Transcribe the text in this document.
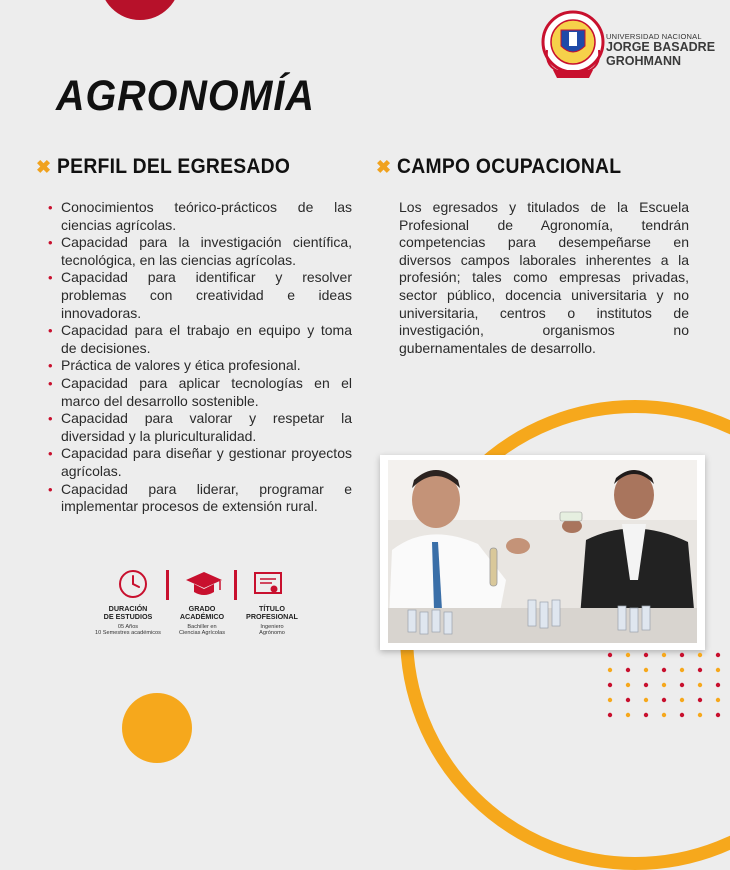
UNIVERSIDAD NACIONAL
JORGE BASADRE
GROHMANN
AGRONOMÍA
✖ PERFIL DEL EGRESADO	✖ CAMPO OCUPACIONAL
• Conocimientos teórico-prácticos de las ciencias agrícolas.
• Capacidad para la investigación científica, tecnológica, en las ciencias agrícolas.
• Capacidad para identificar y resolver problemas con creatividad e ideas innovadoras.
• Capacidad para el trabajo en equipo y toma de decisiones.
• Práctica de valores y ética profesional.
• Capacidad para aplicar tecnologías en el marco del desarrollo sostenible.
• Capacidad para valorar y respetar la diversidad y la pluriculturalidad.
• Capacidad para diseñar y gestionar proyectos agrícolas.
• Capacidad para liderar, programar e implementar procesos de extensión rural.

Los egresados y titulados de la Escuela Profesional de Agronomía, tendrán competencias para desempeñarse en diversos campos laborales inherentes a la profesión; tales como empresas privadas, sector público, docencia universitaria y no universitaria, centros o institutos de investigación, organismos no gubernamentales de desarrollo.

DURACIÓN
DE ESTUDIOS
05 Años
10 Semestres académicos
GRADO
ACADÉMICO
Bachiller en
Ciencias Agrícolas
TÍTULO
PROFESIONAL
Ingeniero
Agrónomo
